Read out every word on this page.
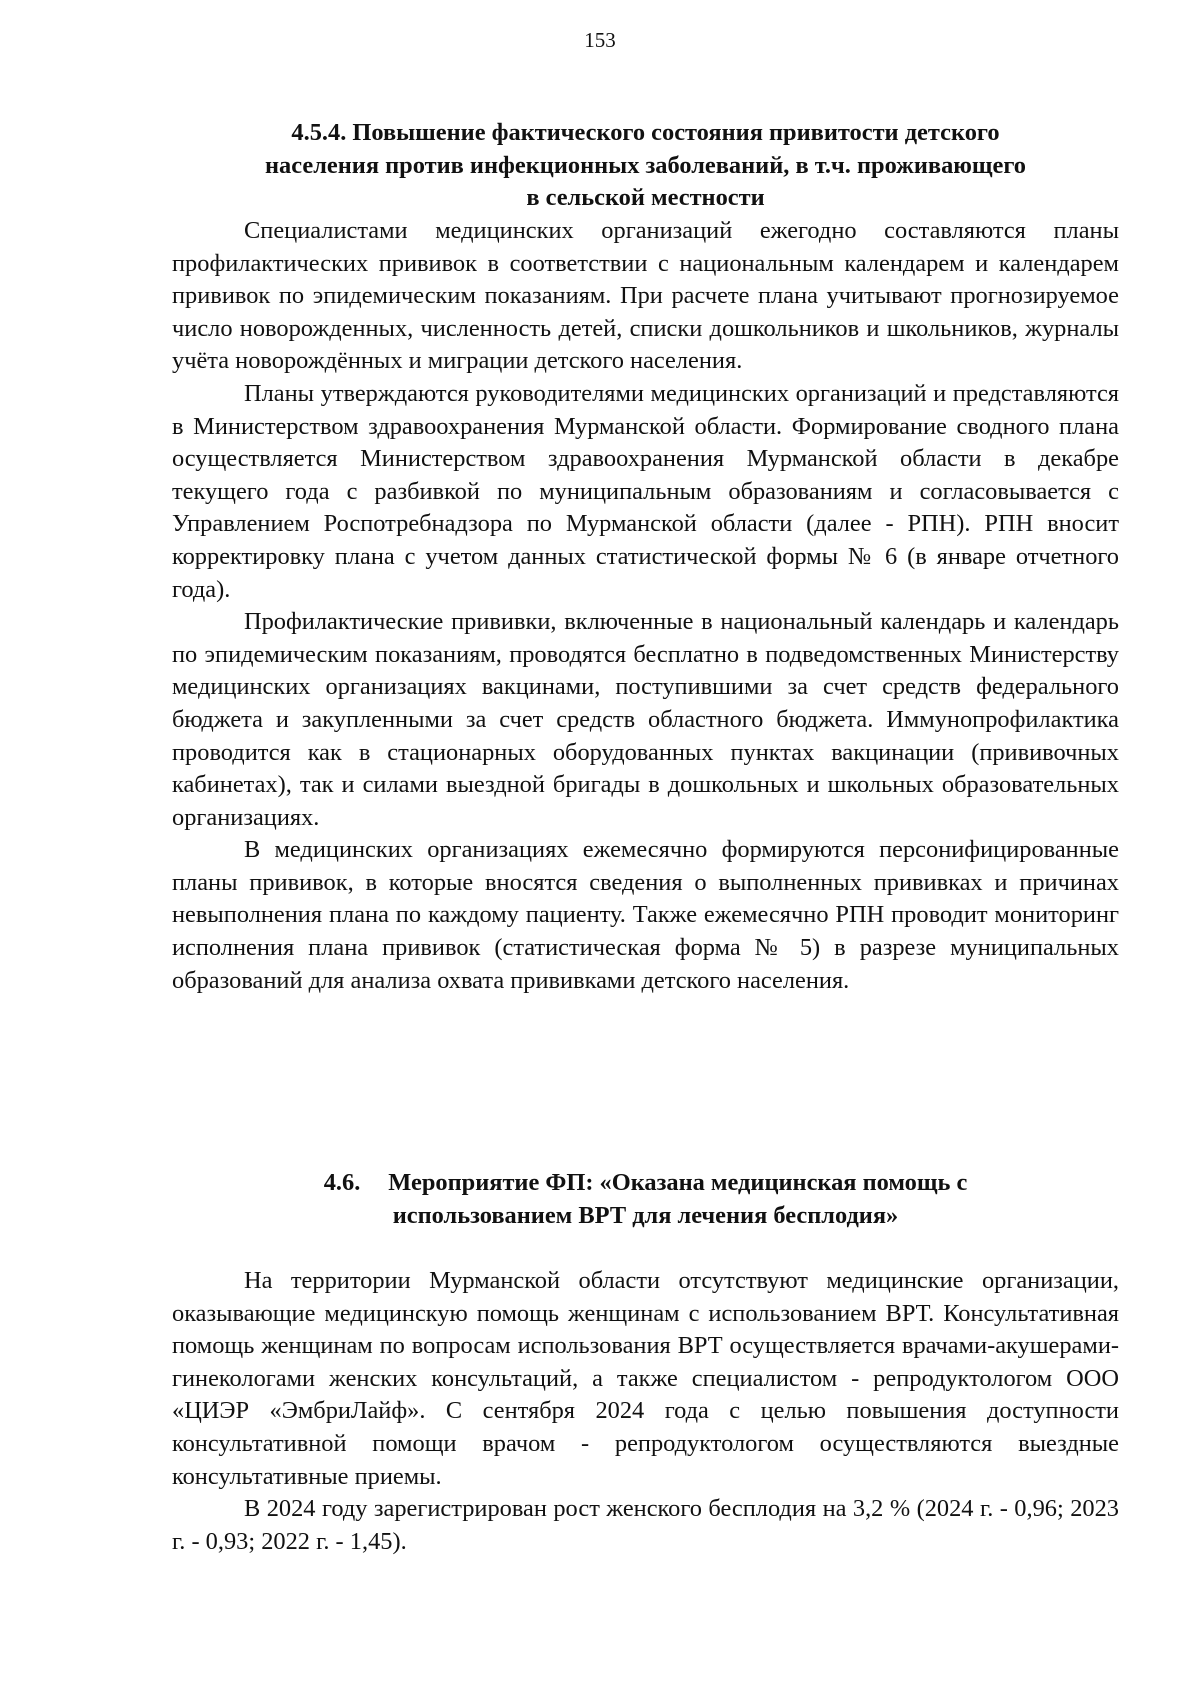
153
4.5.4. Повышение фактического состояния привитости детского
населения против инфекционных заболеваний, в т.ч. проживающего
в сельской местности

Специалистами медицинских организаций ежегодно составляются планы профилактических прививок в соответствии с национальным календарем и календарем прививок по эпидемическим показаниям. При расчете плана учитывают прогнозируемое число новорожденных, численность детей, списки дошкольников и школьников, журналы учёта новорождённых и миграции детского населения.

Планы утверждаются руководителями медицинских организаций и представляются в Министерством здравоохранения Мурманской области. Формирование сводного плана осуществляется Министерством здравоохранения Мурманской области в декабре текущего года с разбивкой по муниципальным образованиям и согласовывается с Управлением Роспотребнадзора по Мурманской области (далее - РПН). РПН вносит корректировку плана с учетом данных статистической формы № 6 (в январе отчетного года).

Профилактические прививки, включенные в национальный календарь и календарь по эпидемическим показаниям, проводятся бесплатно в подведомственных Министерству медицинских организациях вакцинами, поступившими за счет средств федерального бюджета и закупленными за счет средств областного бюджета. Иммунопрофилактика проводится как в стационарных оборудованных пунктах вакцинации (прививочных кабинетах), так и силами выездной бригады в дошкольных и школьных образовательных организациях.

В медицинских организациях ежемесячно формируются персонифицированные планы прививок, в которые вносятся сведения о выполненных прививках и причинах невыполнения плана по каждому пациенту. Также ежемесячно РПН проводит мониторинг исполнения плана прививок (статистическая форма № 5) в разрезе муниципальных образований для анализа охвата прививками детского населения.

4.6. Мероприятие ФП: «Оказана медицинская помощь с
использованием ВРТ для лечения бесплодия»

На территории Мурманской области отсутствуют медицинские организации, оказывающие медицинскую помощь женщинам с использованием ВРТ. Консультативная помощь женщинам по вопросам использования ВРТ осуществляется врачами-акушерами-гинекологами женских консультаций, а также специалистом - репродуктологом ООО «ЦИЭР «ЭмбриЛайф». С сентября 2024 года с целью повышения доступности консультативной помощи врачом - репродуктологом осуществляются выездные консультативные приемы.

В 2024 году зарегистрирован рост женского бесплодия на 3,2 % (2024 г. - 0,96; 2023 г. - 0,93; 2022 г. - 1,45).
